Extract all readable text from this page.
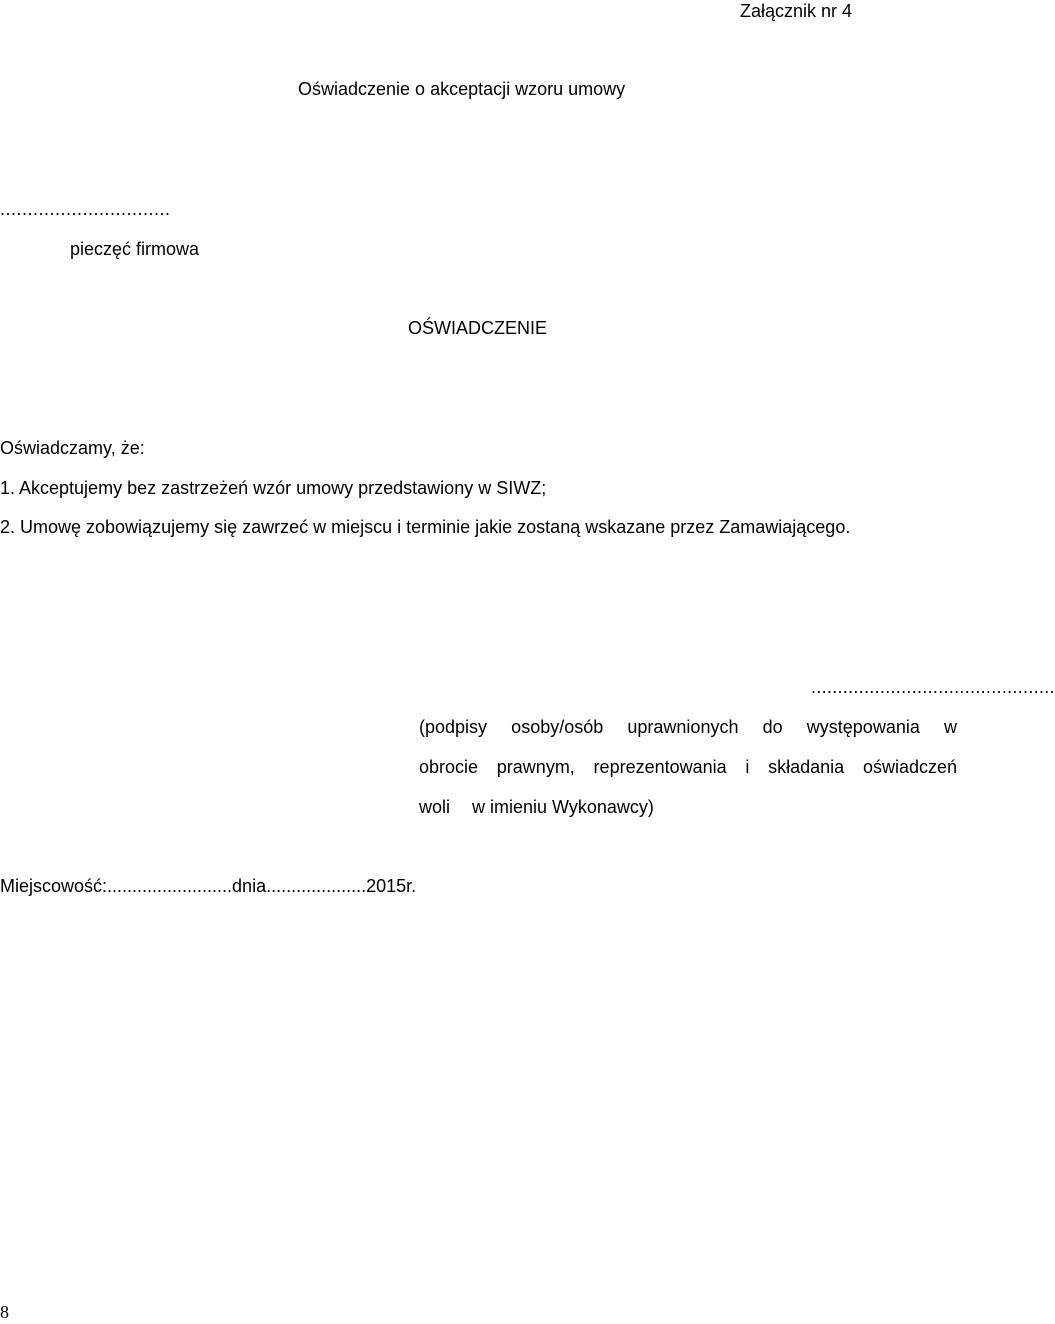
Załącznik nr 4
Oświadczenie o akceptacji wzoru umowy
...............................
pieczęć firmowa
OŚWIADCZENIE
Oświadczamy, że:
1. Akceptujemy bez zastrzeżeń wzór umowy przedstawiony w SIWZ;
2. Umowę zobowiązujemy się zawrzeć w miejscu i terminie jakie zostaną wskazane przez Zamawiającego.
..............................................
(podpisy osoby/osób uprawnionych do występowania w
obrocie prawnym, reprezentowania i składania oświadczeń
woli w imieniu Wykonawcy)
Miejscowość:.........................dnia....................2015r.
8
